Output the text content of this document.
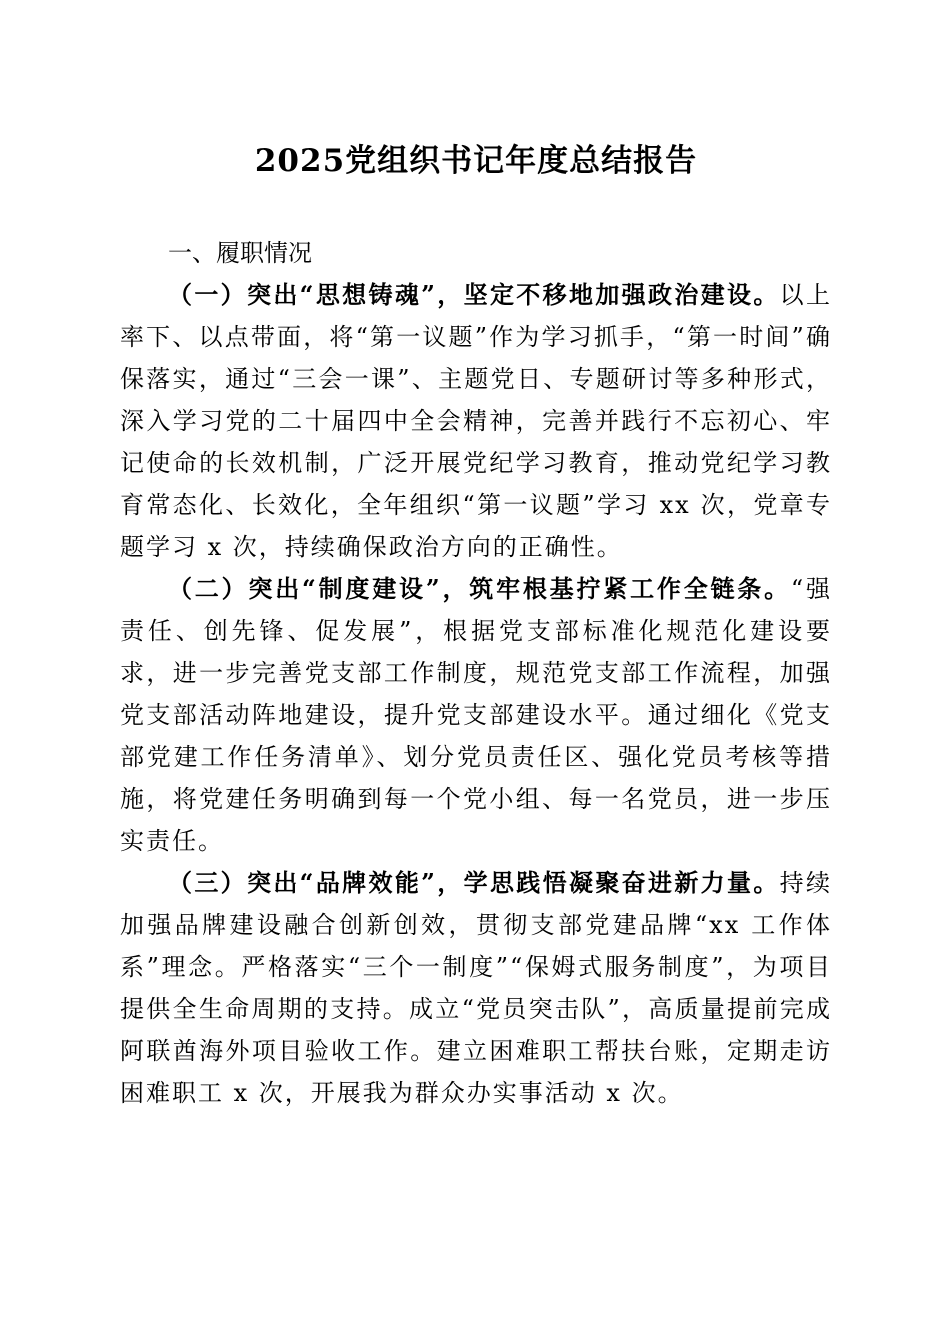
2025党组织书记年度总结报告

一、履职情况

（一）突出“思想铸魂”，坚定不移地加强政治建设。以上率下、以点带面，将“第一议题”作为学习抓手，“第一时间”确保落实，通过“三会一课”、主题党日、专题研讨等多种形式，深入学习党的二十届四中全会精神，完善并践行不忘初心、牢记使命的长效机制，广泛开展党纪学习教育，推动党纪学习教育常态化、长效化，全年组织“第一议题”学习 xx 次，党章专题学习 x 次，持续确保政治方向的正确性。

（二）突出“制度建设”，筑牢根基拧紧工作全链条。“强责任、创先锋、促发展”，根据党支部标准化规范化建设要求，进一步完善党支部工作制度，规范党支部工作流程，加强党支部活动阵地建设，提升党支部建设水平。通过细化《党支部党建工作任务清单》、划分党员责任区、强化党员考核等措施，将党建任务明确到每一个党小组、每一名党员，进一步压实责任。

（三）突出“品牌效能”，学思践悟凝聚奋进新力量。持续加强品牌建设融合创新创效，贯彻支部党建品牌“xx 工作体系”理念。严格落实“三个一制度”“保姆式服务制度”，为项目提供全生命周期的支持。成立“党员突击队”，高质量提前完成阿联酋海外项目验收工作。建立困难职工帮扶台账，定期走访困难职工 x 次，开展我为群众办实事活动 x 次。
